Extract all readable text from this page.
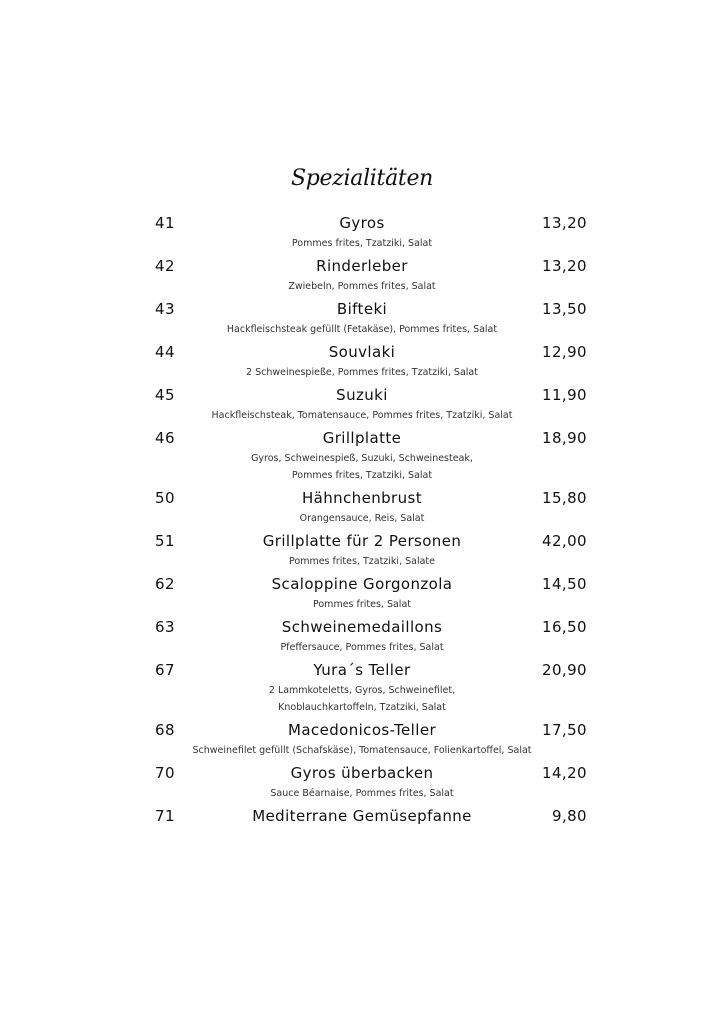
Spezialitäten
41	Gyros	13,20
Pommes frites, Tzatziki, Salat
42	Rinderleber	13,20
Zwiebeln, Pommes frites, Salat
43	Bifteki	13,50
Hackfleischsteak gefüllt (Fetakäse), Pommes frites, Salat
44	Souvlaki	12,90
2 Schweinespieße, Pommes frites, Tzatziki, Salat
45	Suzuki	11,90
Hackfleischsteak, Tomatensauce, Pommes frites, Tzatziki, Salat
46	Grillplatte	18,90
Gyros, Schweinespieß, Suzuki, Schweinesteak,
Pommes frites, Tzatziki, Salat
50	Hähnchenbrust	15,80
Orangensauce, Reis, Salat
51	Grillplatte für 2 Personen	42,00
Pommes frites, Tzatziki, Salate
62	Scaloppine Gorgonzola	14,50
Pommes frites, Salat
63	Schweinemedaillons	16,50
Pfeffersauce, Pommes frites, Salat
67	Yura´s Teller	20,90
2 Lammkoteletts, Gyros, Schweinefilet,
Knoblauchkartoffeln, Tzatziki, Salat
68	Macedonicos-Teller	17,50
Schweinefilet gefüllt (Schafskäse), Tomatensauce, Folienkartoffel, Salat
70	Gyros überbacken	14,20
Sauce Béarnaise, Pommes frites, Salat
71	Mediterrane Gemüsepfanne	9,80
